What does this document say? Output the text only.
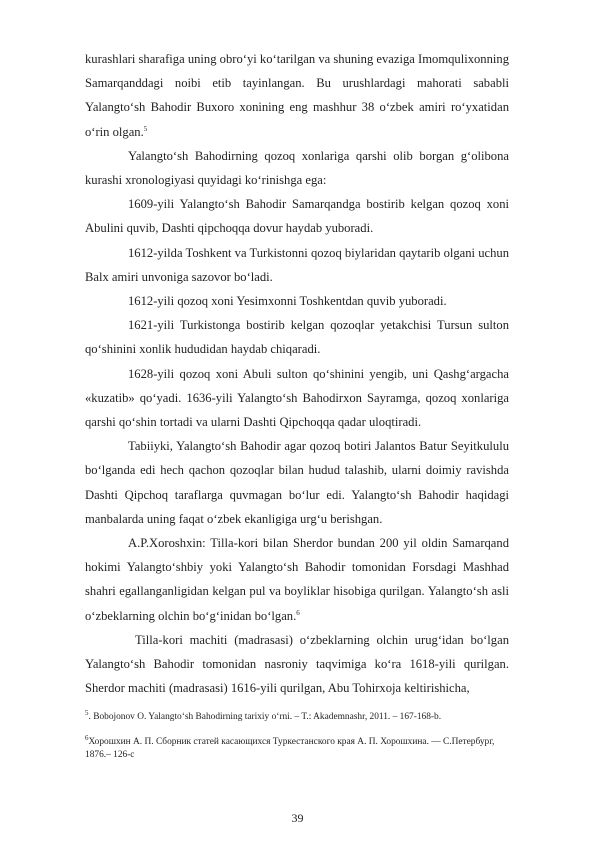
kurashlari sharafiga uning obro‘yi ko‘tarilgan va shuning evaziga Imomqulixonning Samarqanddagi noibi etib tayinlangan. Bu urushlardagi mahorati sababli Yalangto‘sh Bahodir Buxoro xonining eng mashhur 38 o‘zbek amiri ro‘yxatidan o‘rin olgan.$^5$

Yalangto‘sh Bahodirning qozoq xonlariga qarshi olib borgan g‘olibona kurashi xronologiyasi quyidagi ko‘rinishga ega:

1609-yili Yalangto‘sh Bahodir Samarqandga bostirib kelgan qozoq xoni Abulini quvib, Dashti qipchoqqa dovur haydab yuboradi.

1612-yilda Toshkent va Turkistonni qozoq biylaridan qaytarib olgani uchun Balx amiri unvoniga sazovor bo‘ladi.

1612-yili qozoq xoni Yesimxonni Toshkentdan quvib yuboradi.

1621-yili Turkistonga bostirib kelgan qozoqlar yetakchisi Tursun sulton qo‘shinini xonlik hududidan haydab chiqaradi.

1628-yili qozoq xoni Abuli sulton qo‘shinini yengib, uni Qashg‘argacha «kuzatib» qo‘yadi. 1636-yili Yalangto‘sh Bahodirxon Sayramga, qozoq xonlariga qarshi qo‘shin tortadi va ularni Dashti Qipchoqqa qadar uloqtiradi.

Tabiiyki, Yalangto‘sh Bahodir agar qozoq botiri Jalantos Batur Seyitkululu bo‘lganda edi hech qachon qozoqlar bilan hudud talashib, ularni doimiy ravishda Dashti Qipchoq taraflarga quvmagan bo‘lur edi. Yalangto‘sh Bahodir haqidagi manbalarda uning faqat o‘zbek ekanligiga urg‘u berishgan.

A.P.Xoroshxin: Tilla-kori bilan Sherdor bundan 200 yil oldin Samarqand hokimi Yalangto‘shbiy yoki Yalangto‘sh Bahodir tomonidan Forsdagi Mashhad shahri egallanganligidan kelgan pul va boyliklar hisobiga qurilgan. Yalangto‘sh asli o‘zbeklarning olchin bo‘g‘inidan bo‘lgan.$^6$

Tilla-kori machiti (madrasasi) o‘zbeklarning olchin urug‘idan bo‘lgan Yalangto‘sh Bahodir tomonidan nasroniy taqvimiga ko‘ra 1618-yili qurilgan. Sherdor machiti (madrasasi) 1616-yili qurilgan, Abu Tohirxoja keltirishicha,

$^5$. Bobojonov O. Yalangto‘sh Bahodirning tarixiy o‘rni. – T.: Akademnashr, 2011. – 167-168-b.

$^6$Хорошхин А. П. Сборник статей касающихся Туркестанского края А. П. Хорошхина. — С.Петербург, 1876.– 126-с

39
